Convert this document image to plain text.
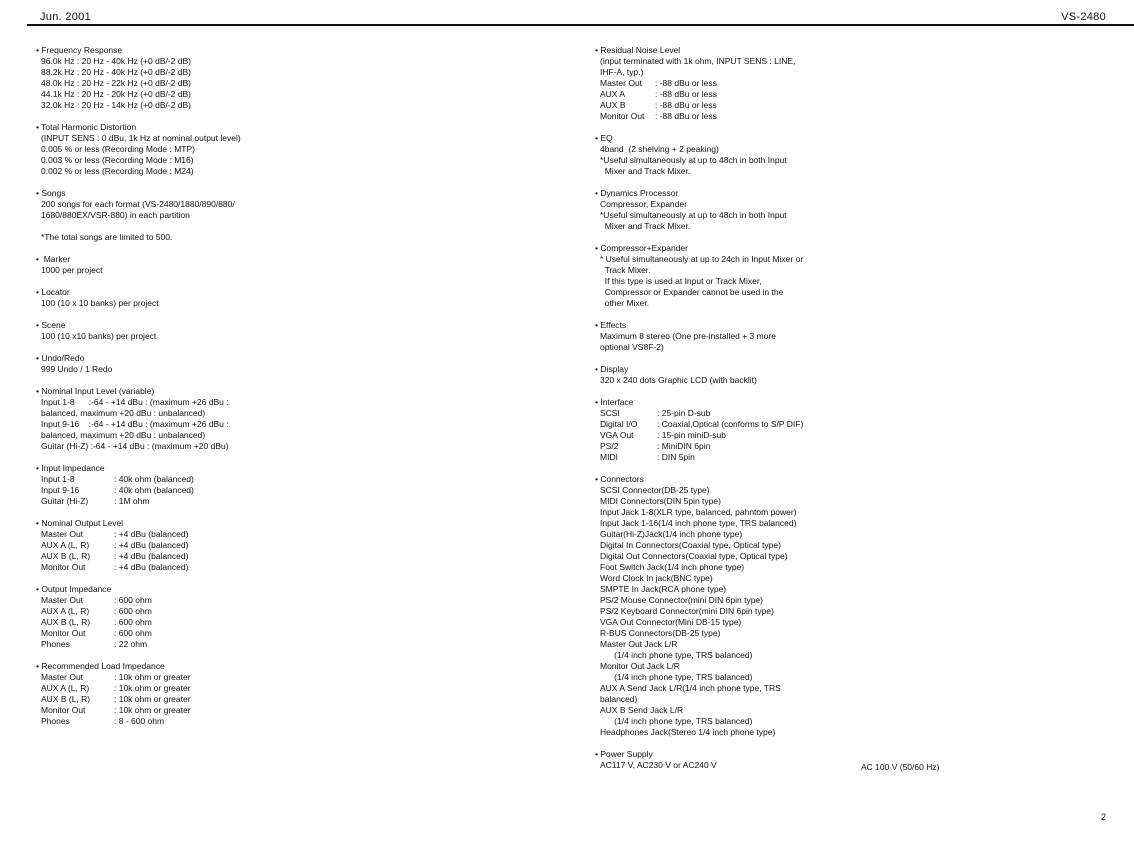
Jun. 2001	VS-2480
• Frequency Response
96.0k Hz : 20 Hz - 40k Hz (+0 dB/-2 dB)
88.2k Hz : 20 Hz - 40k Hz (+0 dB/-2 dB)
48.0k Hz : 20 Hz - 22k Hz (+0 dB/-2 dB)
44.1k Hz : 20 Hz - 20k Hz (+0 dB/-2 dB)
32.0k Hz : 20 Hz - 14k Hz (+0 dB/-2 dB)
• Total Harmonic Distortion
(INPUT SENS : 0 dBu, 1k Hz at nominal output level)
0.005 % or less (Recording Mode : MTP)
0.003 % or less (Recording Mode : M16)
0.002 % or less (Recording Mode : M24)
• Songs
200 songs for each format (VS-2480/1880/890/880/
1680/880EX/VSR-880) in each partition
*The total songs are limited to 500.
•  Marker
1000 per project
• Locator
100 (10 x 10 banks) per project
• Scene
100 (10 x10 banks) per project
• Undo/Redo
999 Undo / 1 Redo
• Nominal Input Level (variable)
Input 1-8      :-64 - +14 dBu : (maximum +26 dBu :
balanced, maximum +20 dBu : unbalanced)
Input 9-16    :-64 - +14 dBu : (maximum +26 dBu :
balanced, maximum +20 dBu : unbalanced)
Guitar (Hi-Z) :-64 - +14 dBu : (maximum +20 dBu)
• Input Impedance
Input 1-8	: 40k ohm (balanced)
Input 9-16	: 40k ohm (balanced)
Guitar (Hi-Z)	: 1M ohm
• Nominal Output Level
Master Out	: +4 dBu (balanced)
AUX A (L, R)	: +4 dBu (balanced)
AUX B (L, R)	: +4 dBu (balanced)
Monitor Out	: +4 dBu (balanced)
• Output Impedance
Master Out	: 600 ohm
AUX A (L, R)	: 600 ohm
AUX B (L, R)	: 600 ohm
Monitor Out	: 600 ohm
Phones	: 22 ohm
• Recommended Load Impedance
Master Out	: 10k ohm or greater
AUX A (L, R)	: 10k ohm or greater
AUX B (L, R)	: 10k ohm or greater
Monitor Out	: 10k ohm or greater
Phones	: 8 - 600 ohm
• Residual Noise Level
(input terminated with 1k ohm, INPUT SENS : LINE,
IHF-A, typ.)
Master Out	: -88 dBu or less
AUX A	: -88 dBu or less
AUX B	: -88 dBu or less
Monitor Out	: -88 dBu or less
• EQ
4band  (2 shelving + 2 peaking)
*Useful simultaneously at up to 48ch in both Input
Mixer and Track Mixer.
• Dynamics Processor
Compressor, Expander
*Useful simultaneously at up to 48ch in both Input
Mixer and Track Mixer.
• Compressor+Expander
* Useful simultaneously at up to 24ch in Input Mixer or
Track Mixer.
If this type is used at Input or Track Mixer,
Compressor or Expander cannot be used in the
other Mixer.
• Effects
Maximum 8 stereo (One pre-installed + 3 more
optional VS8F-2)
• Display
320 x 240 dots Graphic LCD (with backlit)
• Interface
SCSI	: 25-pin D-sub
Digital I/O	: Coaxial,Optical (conforms to S/P DIF)
VGA Out	: 15-pin miniD-sub
PS/2	: MiniDIN 6pin
MIDI	: DIN 5pin
• Connectors
SCSI Connector(DB-25 type)
MIDI Connectors(DIN 5pin type)
Input Jack 1-8(XLR type, balanced, pahntom power)
Input Jack 1-16(1/4 inch phone type, TRS balanced)
Guitar(Hi-Z)Jack(1/4 inch phone type)
Digital In Connectors(Coaxial type, Optical type)
Digital Out Connectors(Coaxial type, Optical type)
Foot Switch Jack(1/4 inch phone type)
Word Clock In jack(BNC type)
SMPTE In Jack(RCA phone type)
PS/2 Mouse Connector(mini DIN 6pin type)
PS/2 Keyboard Connector(mini DIN 6pin type)
VGA Out Connector(Mini DB-15 type)
R-BUS Connectors(DB-25 type)
Master Out Jack L/R
(1/4 inch phone type, TRS balanced)
Monitor Out Jack L/R
(1/4 inch phone type, TRS balanced)
AUX A Send Jack L/R(1/4 inch phone type, TRS
balanced)
AUX B Send Jack L/R
(1/4 inch phone type, TRS balanced)
Headphones Jack(Stereo 1/4 inch phone type)
• Power Supply
AC117 V, AC230 V or AC240 V	AC 100 V (50/60 Hz)
2
